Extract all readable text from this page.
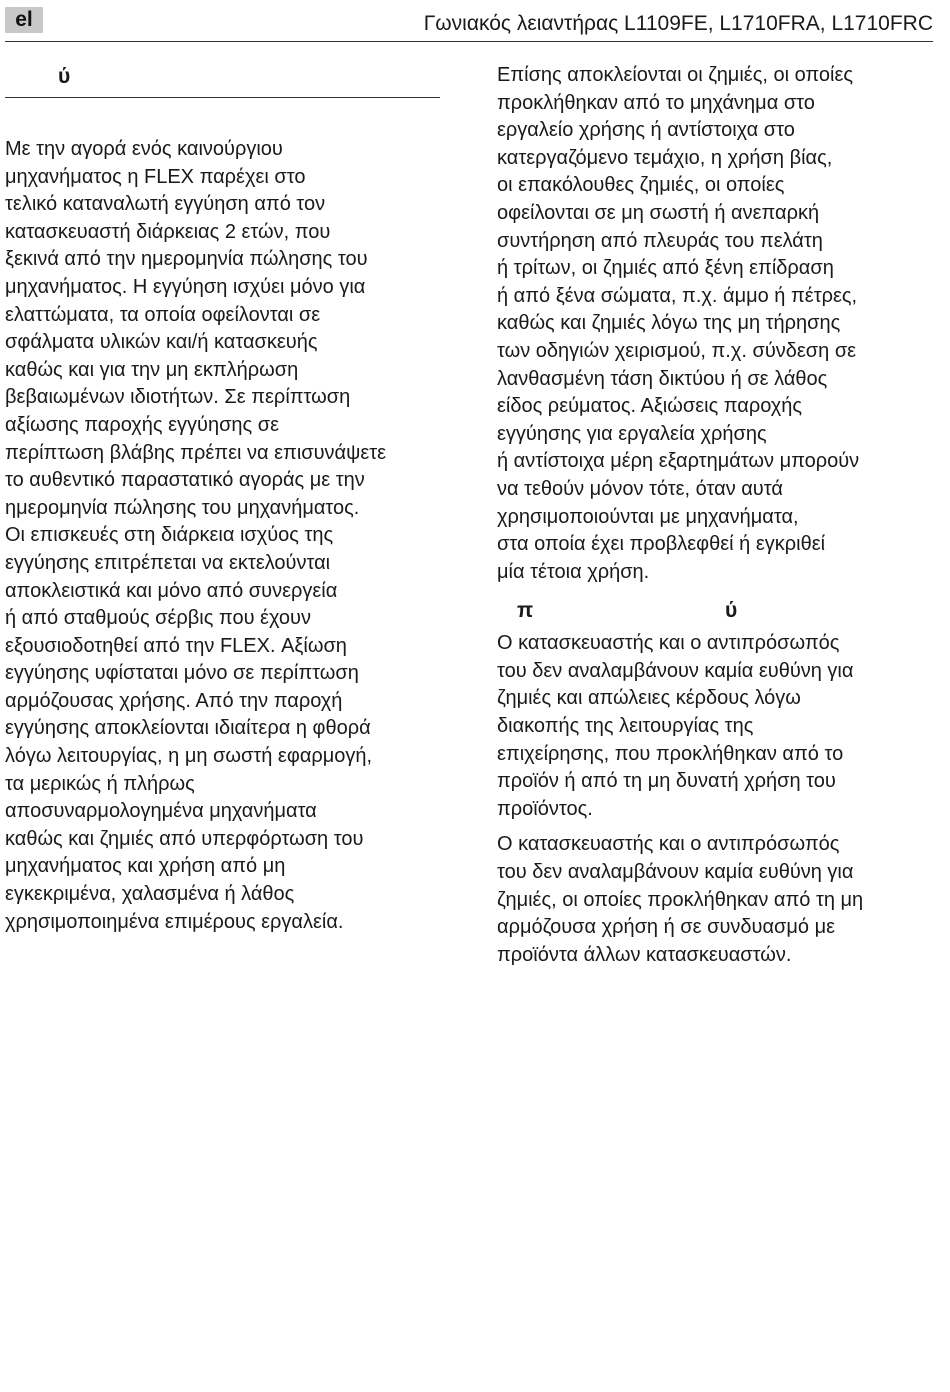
el	Γωνιακός λειαντήρας L1109FE, L1710FRA, L1710FRC
ύ

Με την αγορά ενός καινούργιου
μηχανήματος η FLEX παρέχει στο
τελικό καταναλωτή εγγύηση από τον
κατασκευαστή διάρκειας 2 ετών, που
ξεκινά από την ημερομηνία πώλησης του
μηχανήματος. Η εγγύηση ισχύει μόνο για
ελαττώματα, τα οποία οφείλονται σε
σφάλματα υλικών και/ή κατασκευής
καθώς και για την μη εκπλήρωση
βεβαιωμένων ιδιοτήτων. Σε περίπτωση
αξίωσης παροχής εγγύησης σε
περίπτωση βλάβης πρέπει να επισυνάψετε
το αυθεντικό παραστατικό αγοράς με την
ημερομηνία πώλησης του μηχανήματος.
Οι επισκευές στη διάρκεια ισχύος της
εγγύησης επιτρέπεται να εκτελούνται
αποκλειστικά και μόνο από συνεργεία
ή από σταθμούς σέρβις που έχουν
εξουσιοδοτηθεί από την FLEX. Αξίωση
εγγύησης υφίσταται μόνο σε περίπτωση
αρμόζουσας χρήσης. Από την παροχή
εγγύησης αποκλείονται ιδιαίτερα η φθορά
λόγω λειτουργίας, η μη σωστή εφαρμογή,
τα μερικώς ή πλήρως
αποσυναρμολογημένα μηχανήματα
καθώς και ζημιές από υπερφόρτωση του
μηχανήματος και χρήση από μη
εγκεκριμένα, χαλασμένα ή λάθος
χρησιμοποιημένα επιμέρους εργαλεία.

Επίσης αποκλείονται οι ζημιές, οι οποίες
προκλήθηκαν από το μηχάνημα στο
εργαλείο χρήσης ή αντίστοιχα στο
κατεργαζόμενο τεμάχιο, η χρήση βίας,
οι επακόλουθες ζημιές, οι οποίες
οφείλονται σε μη σωστή ή ανεπαρκή
συντήρηση από πλευράς του πελάτη
ή τρίτων, οι ζημιές από ξένη επίδραση
ή από ξένα σώματα, π.χ. άμμο ή πέτρες,
καθώς και ζημιές λόγω της μη τήρησης
των οδηγιών χειρισμού, π.χ. σύνδεση σε
λανθασμένη τάση δικτύου ή σε λάθος
είδος ρεύματος. Αξιώσεις παροχής
εγγύησης για εργαλεία χρήσης
ή αντίστοιχα μέρη εξαρτημάτων μπορούν
να τεθούν μόνον τότε, όταν αυτά
χρησιμοποιούνται με μηχανήματα,
στα οποία έχει προβλεφθεί ή εγκριθεί
μία τέτοια χρήση.

π	ύ

Ο κατασκευαστής και ο αντιπρόσωπός
του δεν αναλαμβάνουν καμία ευθύνη για
ζημιές και απώλειες κέρδους λόγω
διακοπής της λειτουργίας της
επιχείρησης, που προκλήθηκαν από το
προϊόν ή από τη μη δυνατή χρήση του
προϊόντος.

Ο κατασκευαστής και ο αντιπρόσωπός
του δεν αναλαμβάνουν καμία ευθύνη για
ζημιές, οι οποίες προκλήθηκαν από τη μη
αρμόζουσα χρήση ή σε συνδυασμό με
προϊόντα άλλων κατασκευαστών.
